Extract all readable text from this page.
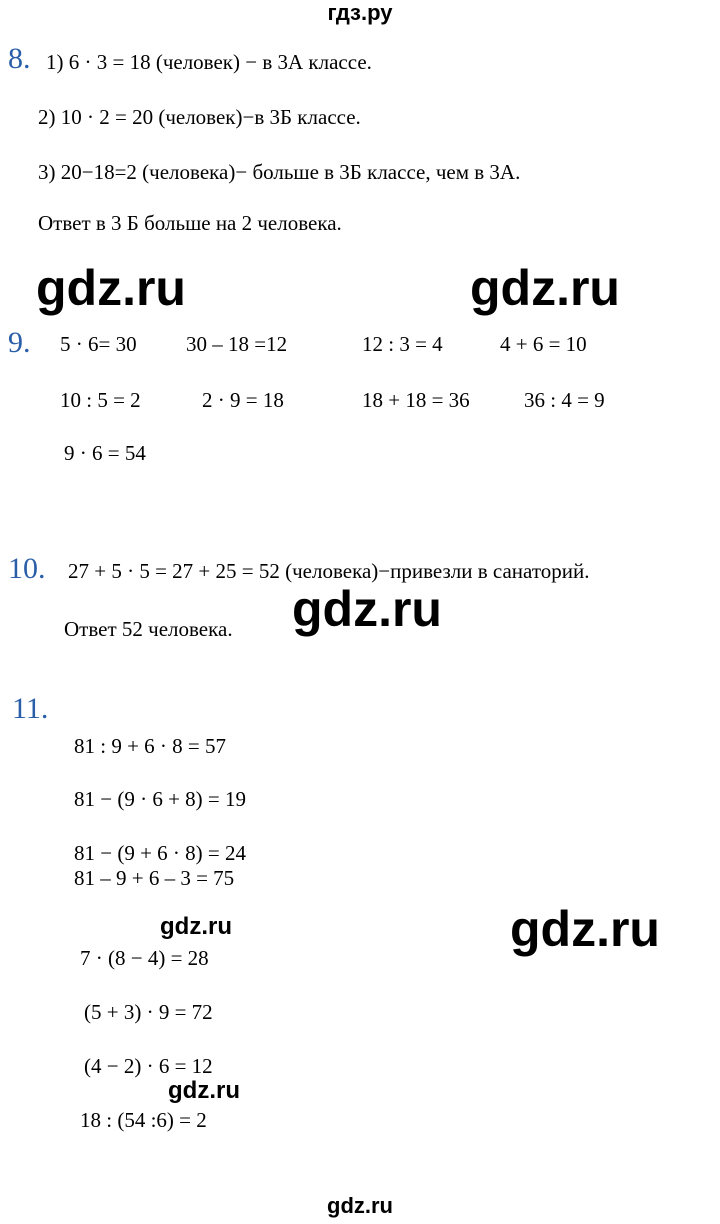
гдз.ру
gdz.ru
8. 1) 6 · 3 = 18 (человек) − в 3А классе.
2) 10 · 2 = 20 (человек)−в 3Б классе.
3) 20−18=2 (человека)− больше в 3Б классе, чем в 3А.
Ответ в 3 Б больше на 2 человека.
gdz.ru	gdz.ru
9. 5 · 6= 30 30 – 18 =12	12 : 3 = 4	4 + 6 = 10
10 : 5 = 2	2 · 9 = 18	18 + 18 = 36	36 : 4 = 9
9 · 6 = 54
10. 27 + 5 · 5 = 27 + 25 = 52 (человека)−привезли в санаторий.
Ответ 52 человека. gdz.ru
11.
81 : 9 + 6 · 8 = 57
81 − (9 · 6 + 8) = 19
81 − (9 + 6 · 8) = 24
81 – 9 + 6 – 3 = 75
7 · (8 − 4) = 28
(5 + 3) · 9 = 72
(4 − 2) · 6 = 12
18 : (54 :6) = 2
gdz.ru	gdz.ru
gdz.ru
